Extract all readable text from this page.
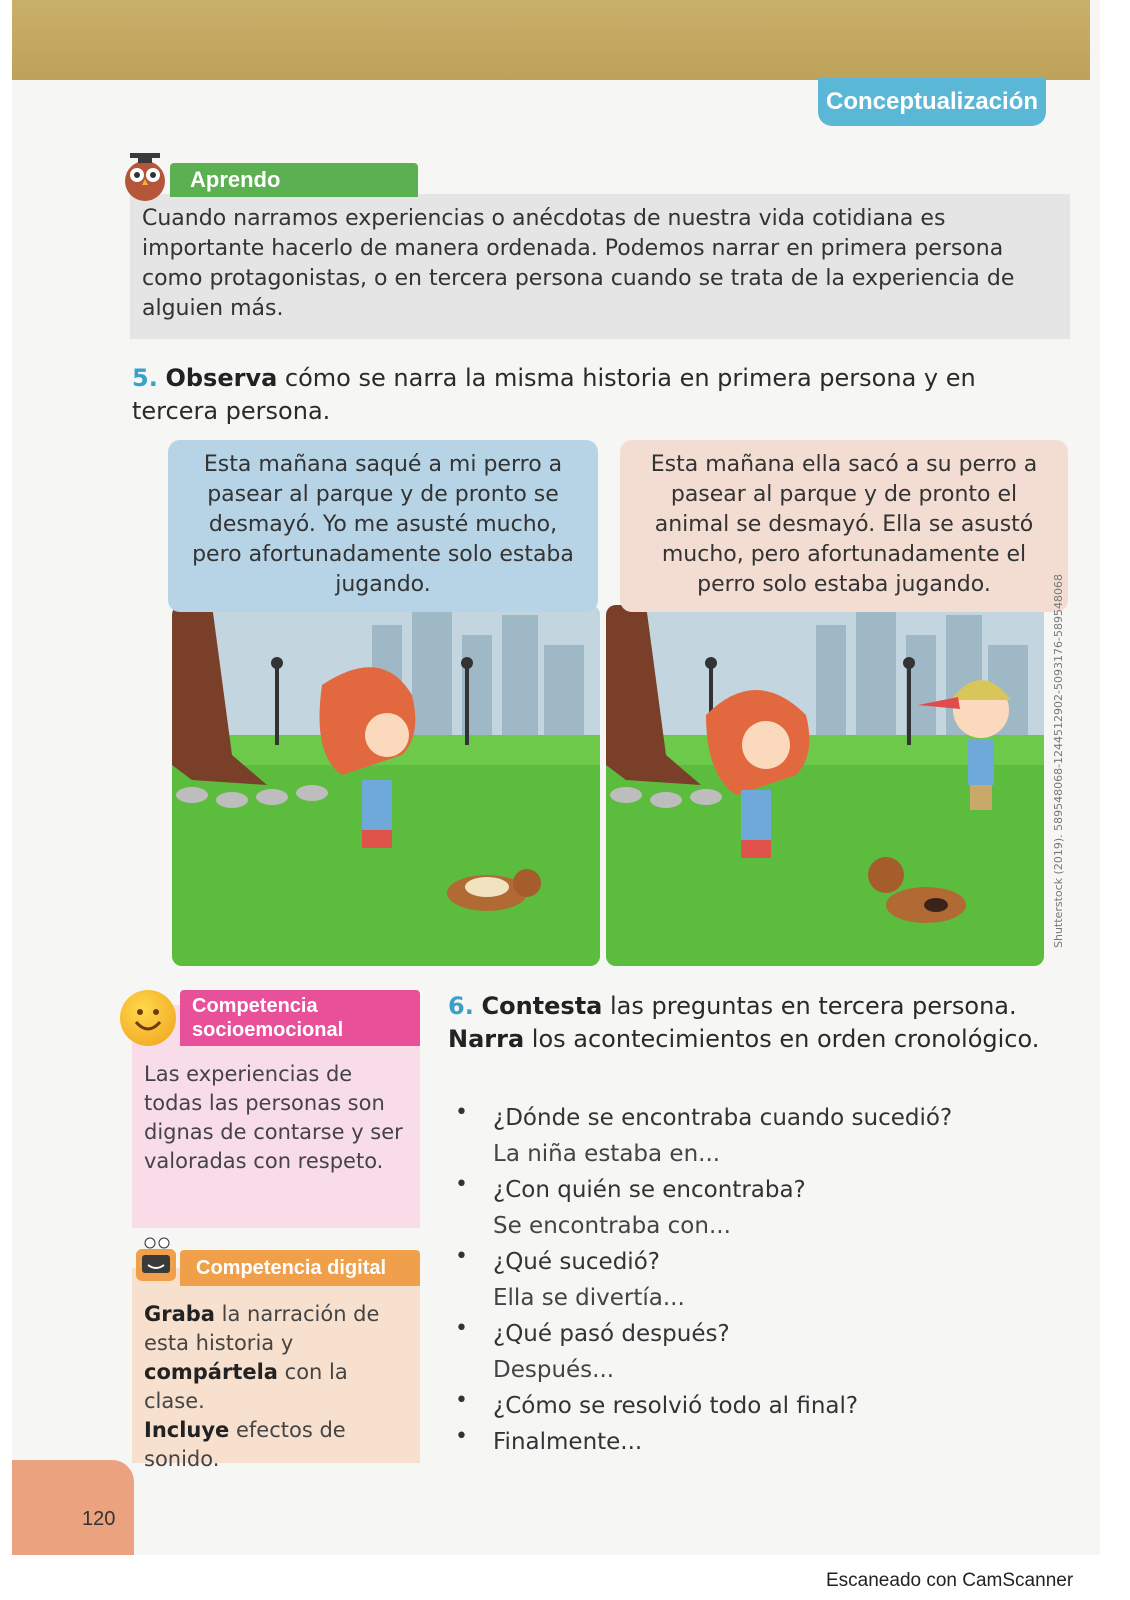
Conceptualización
Aprendo
Cuando narramos experiencias o anécdotas de nuestra vida cotidiana es importante hacerlo de manera ordenada. Podemos narrar en primera persona como protagonistas, o en tercera persona cuando se trata de la experiencia de alguien más.
5. Observa cómo se narra la misma historia en primera persona y en tercera persona.
Esta mañana saqué a mi perro a pasear al parque y de pronto se desmayó. Yo me asusté mucho, pero afortunadamente solo estaba jugando.
Esta mañana ella sacó a su perro a pasear al parque y de pronto el animal se desmayó. Ella se asustó mucho, pero afortunadamente el perro solo estaba jugando.	Shutterstock (2019). 589548068-1244512902-5093176-589548068
Competencia socioemocional
Las experiencias de todas las personas son dignas de contarse y ser valoradas con respeto.
Competencia digital
Graba la narración de esta historia y compártela con la clase.
Incluye efectos de sonido.
6. Contesta las preguntas en tercera persona. Narra los acontecimientos en orden cronológico.
• ¿Dónde se encontraba cuando sucedió?
La niña estaba en...
• ¿Con quién se encontraba?
Se encontraba con...
• ¿Qué sucedió?
Ella se divertía...
• ¿Qué pasó después?
Después...
• ¿Cómo se resolvió todo al final?
• Finalmente...
120
Escaneado con CamScanner
